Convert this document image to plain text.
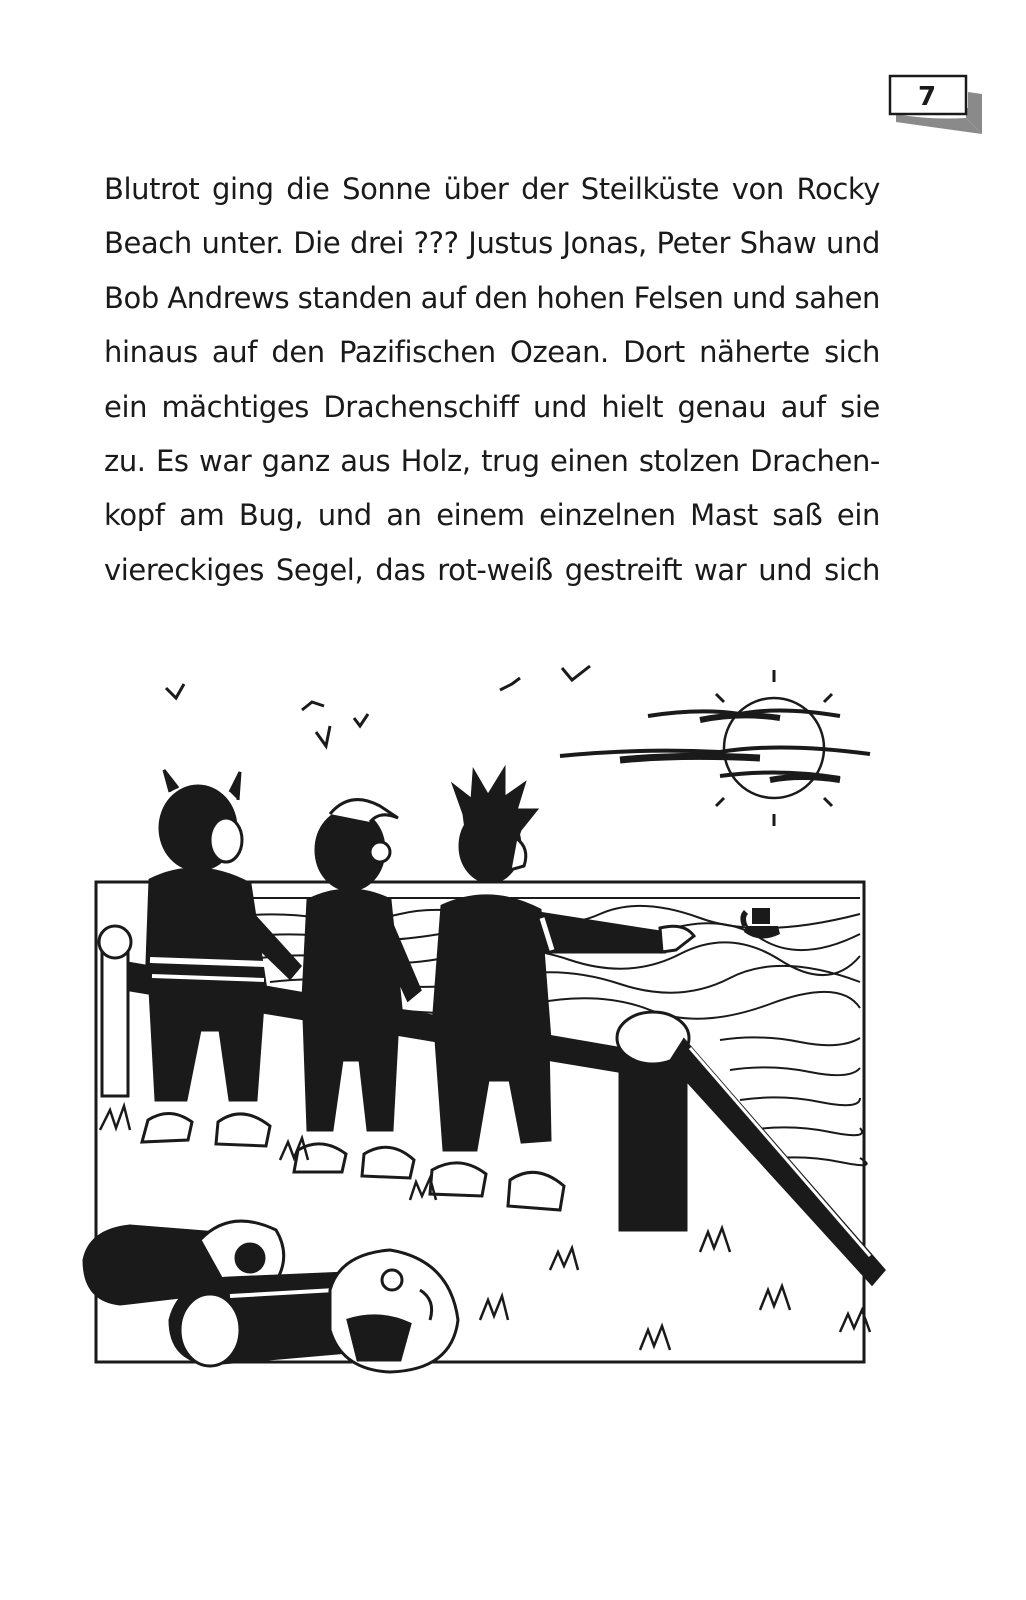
7

Blutrot ging die Sonne über der Steilküste von Rocky
Beach unter. Die drei ??? Justus Jonas, Peter Shaw und
Bob Andrews standen auf den hohen Felsen und sahen
hinaus auf den Pazifischen Ozean. Dort näherte sich
ein mächtiges Drachenschiff und hielt genau auf sie
zu. Es war ganz aus Holz, trug einen stolzen Drachen-
kopf am Bug, und an einem einzelnen Mast saß ein
viereckiges Segel, das rot-weiß gestreift war und sich
